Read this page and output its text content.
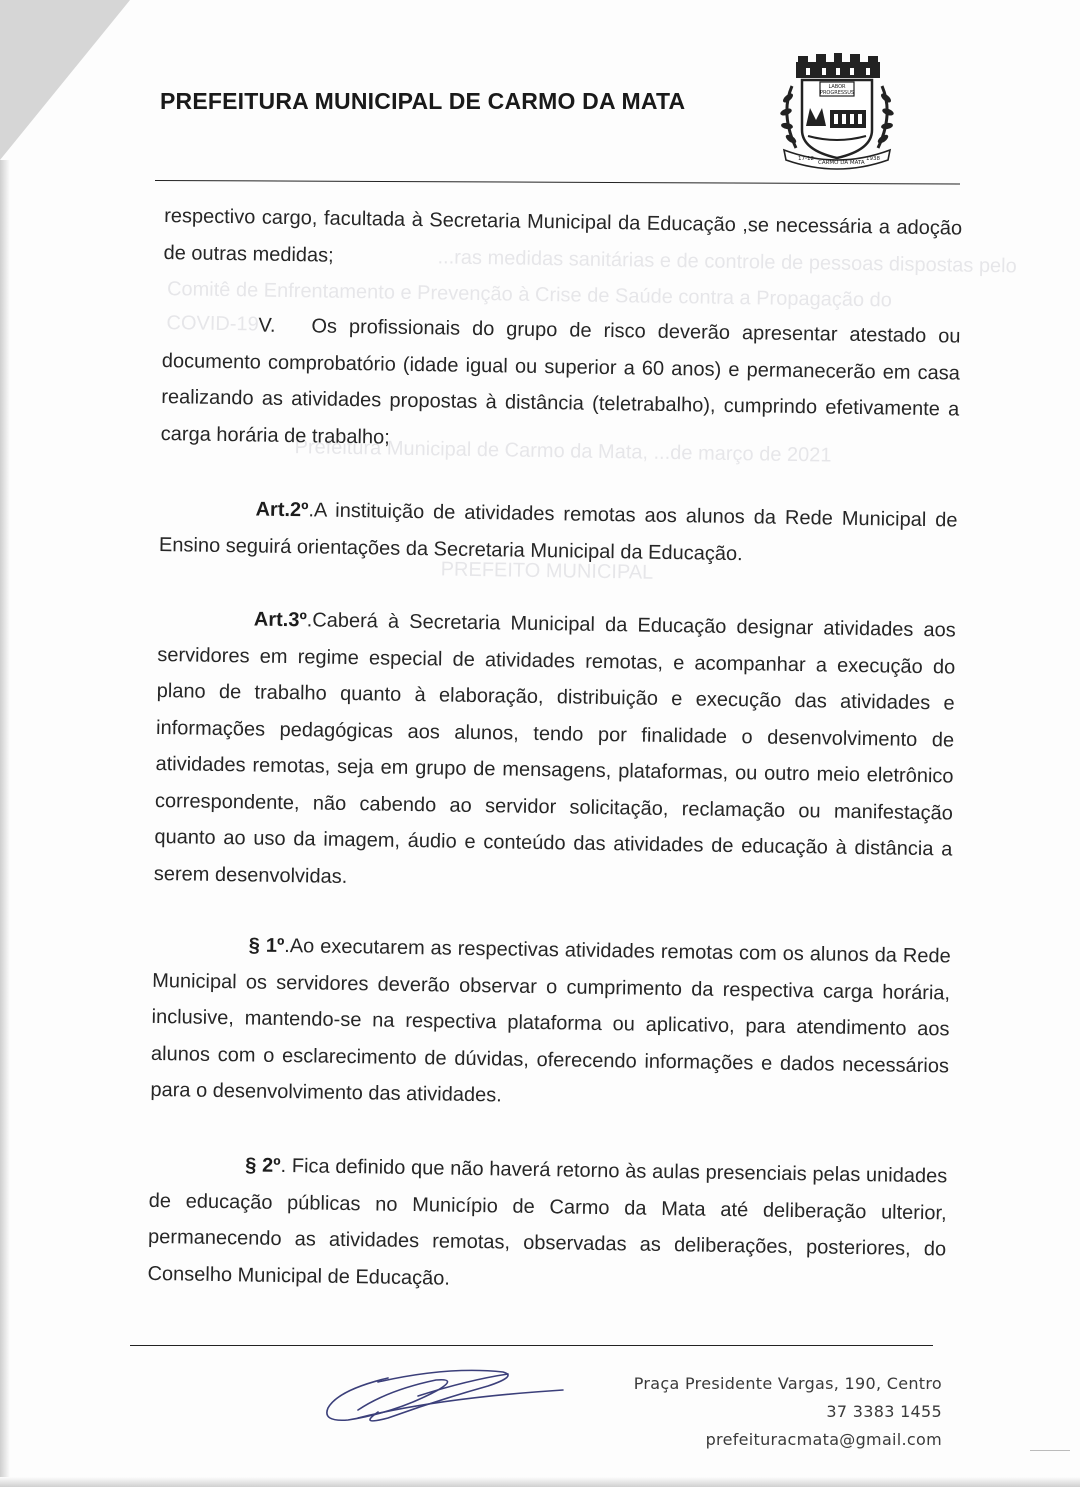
PREFEITURA MUNICIPAL DE CARMO DA MATA
LABOR
PROGRESSUS
17-12
CARMO DA MATA
1938

...ras medidas sanitárias e de controle de pessoas dispostas pelo

Comitê de Enfrentamento e Prevenção à Crise de Saúde contra a Propagação do

COVID-19

Prefeitura Municipal de Carmo da Mata, ...de março de 2021

PREFEITO MUNICIPAL

respectivo cargo, facultada à Secretaria Municipal da Educação ,se necessária a adoção de outras medidas;

V. Os profissionais do grupo de risco deverão apresentar atestado ou documento comprobatório (idade igual ou superior a 60 anos) e permanecerão em casa realizando as atividades propostas à distância (teletrabalho), cumprindo efetivamente a carga horária de trabalho;

Art.2º.A instituição de atividades remotas aos alunos da Rede Municipal de Ensino seguirá orientações da Secretaria Municipal da Educação.

Art.3º.Caberá à Secretaria Municipal da Educação designar atividades aos servidores em regime especial de atividades remotas, e acompanhar a execução do plano de trabalho quanto à elaboração, distribuição e execução das atividades e informações pedagógicas aos alunos, tendo por finalidade o desenvolvimento de atividades remotas, seja em grupo de mensagens, plataformas, ou outro meio eletrônico correspondente, não cabendo ao servidor solicitação, reclamação ou manifestação quanto ao uso da imagem, áudio e conteúdo das atividades de educação à distância a serem desenvolvidas.

§ 1º.Ao executarem as respectivas atividades remotas com os alunos da Rede Municipal os servidores deverão observar o cumprimento da respectiva carga horária, inclusive, mantendo-se na respectiva plataforma ou aplicativo, para atendimento aos alunos com o esclarecimento de dúvidas, oferecendo informações e dados necessários para o desenvolvimento das atividades.

§ 2º. Fica definido que não haverá retorno às aulas presenciais pelas unidades de educação públicas no Município de Carmo da Mata até deliberação ulterior, permanecendo as atividades remotas, observadas as deliberações, posteriores, do Conselho Municipal de Educação.

Praça Presidente Vargas, 190, Centro
37 3383 1455
prefeituracmata@gmail.com
